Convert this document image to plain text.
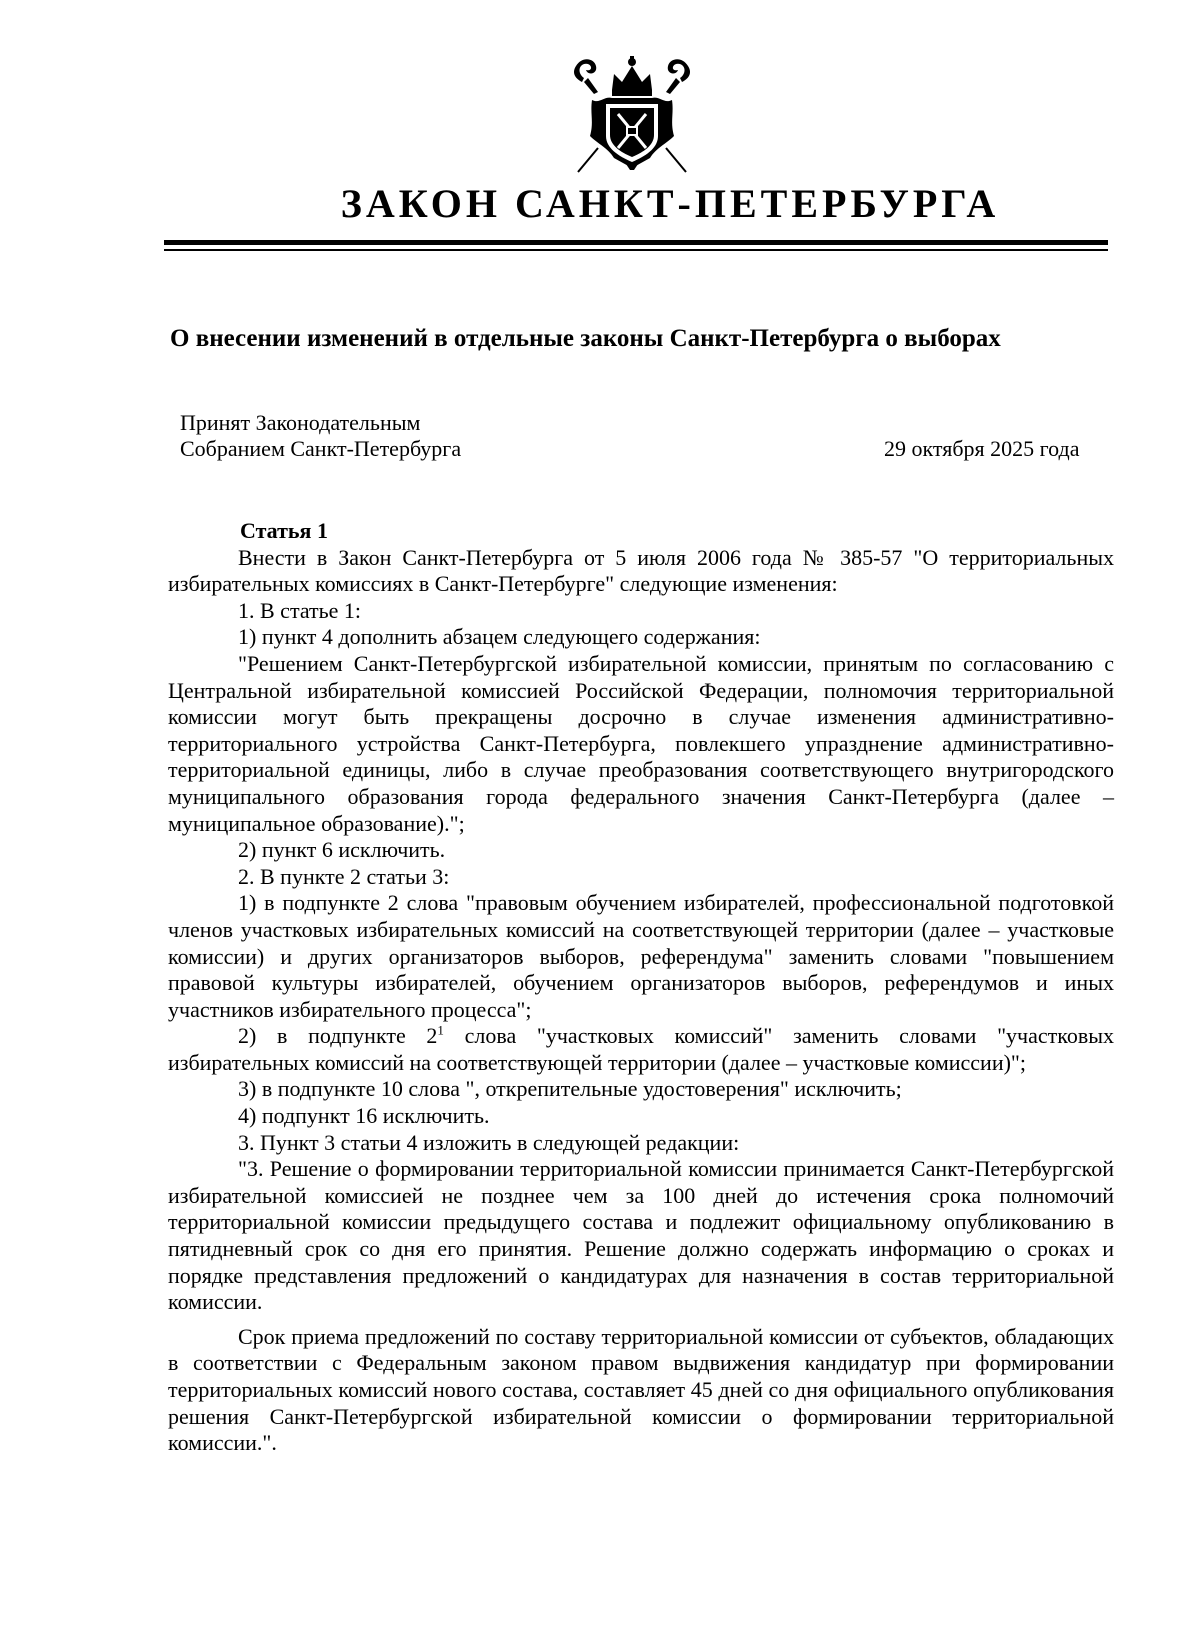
ЗАКОН САНКТ-ПЕТЕРБУРГА
О внесении изменений в отдельные законы Санкт-Петербурга о выборах
Принят Законодательным
Собранием Санкт-Петербурга	29 октября 2025 года

Статья 1

Внести в Закон Санкт-Петербурга от 5 июля 2006 года № 385-57 "О территориальных избирательных комиссиях в Санкт-Петербурге" следующие изменения:

1. В статье 1:

1) пункт 4 дополнить абзацем следующего содержания:

"Решением Санкт-Петербургской избирательной комиссии, принятым по согласованию с Центральной избирательной комиссией Российской Федерации, полномочия территориальной комиссии могут быть прекращены досрочно в случае изменения административно-территориального устройства Санкт-Петербурга, повлекшего упразднение административно-территориальной единицы, либо в случае преобразования соответствующего внутригородского муниципального образования города федерального значения Санкт-Петербурга (далее – муниципальное образование).";

2) пункт 6 исключить.

2. В пункте 2 статьи 3:

1) в подпункте 2 слова "правовым обучением избирателей, профессиональной подготовкой членов участковых избирательных комиссий на соответствующей территории (далее – участковые комиссии) и других организаторов выборов, референдума" заменить словами "повышением правовой культуры избирателей, обучением организаторов выборов, референдумов и иных участников избирательного процесса";

2) в подпункте $2^1$ слова "участковых комиссий" заменить словами "участковых избирательных комиссий на соответствующей территории (далее – участковые комиссии)";

3) в подпункте 10 слова ", открепительные удостоверения" исключить;

4) подпункт 16 исключить.

3. Пункт 3 статьи 4 изложить в следующей редакции:

"3. Решение о формировании территориальной комиссии принимается Санкт-Петербургской избирательной комиссией не позднее чем за 100 дней до истечения срока полномочий территориальной комиссии предыдущего состава и подлежит официальному опубликованию в пятидневный срок со дня его принятия. Решение должно содержать информацию о сроках и порядке представления предложений о кандидатурах для назначения в состав территориальной комиссии.

Срок приема предложений по составу территориальной комиссии от субъектов, обладающих в соответствии с Федеральным законом правом выдвижения кандидатур при формировании территориальных комиссий нового состава, составляет 45 дней со дня официального опубликования решения Санкт-Петербургской избирательной комиссии о формировании территориальной комиссии.".
